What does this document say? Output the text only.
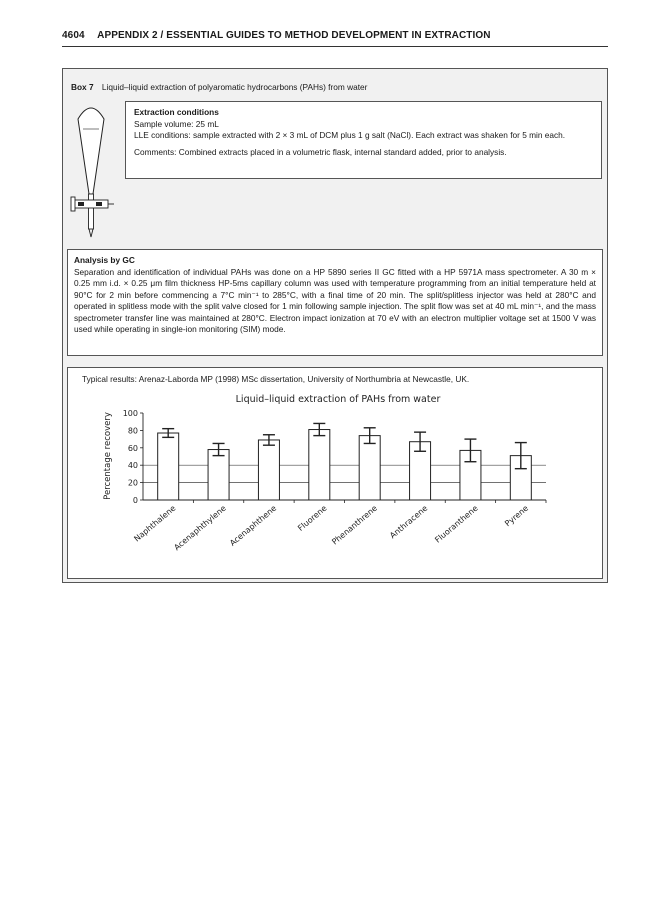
4604 APPENDIX 2 / ESSENTIAL GUIDES TO METHOD DEVELOPMENT IN EXTRACTION
Box 7 Liquid–liquid extraction of polyaromatic hydrocarbons (PAHs) from water

Extraction conditions

Sample volume: 25 mL

LLE conditions: sample extracted with 2 × 3 mL of DCM plus 1 g salt (NaCl). Each extract was shaken for 5 min each.

Comments: Combined extracts placed in a volumetric flask, internal standard added, prior to analysis.

Analysis by GC

Separation and identification of individual PAHs was done on a HP 5890 series II GC fitted with a HP 5971A mass spectrometer. A 30 m × 0.25 mm i.d. × 0.25 μm film thickness HP-5ms capillary column was used with temperature programming from an initial temperature held at 90°C for 2 min before commencing a 7°C min⁻¹ to 285°C, with a final time of 20 min. The split/splitless injector was held at 280°C and operated in splitless mode with the split valve closed for 1 min following sample injection. The split flow was set at 40 mL min⁻¹, and the mass spectrometer transfer line was maintained at 280°C. Electron impact ionization at 70 eV with an electron multiplier voltage set at 1500 V was used while operating in single-ion monitoring (SIM) mode.

Typical results: Arenaz-Laborda MP (1998) MSc dissertation, University of Northumbria at Newcastle, UK.
Liquid–liquid extraction of PAHs from water
Percentage recovery
0
20
40
60
80
100
Naphthalene
Acenaphthylene Acenaphthene Fluorene Phenanthrene Anthracene Fluoranthene	Pyrene
